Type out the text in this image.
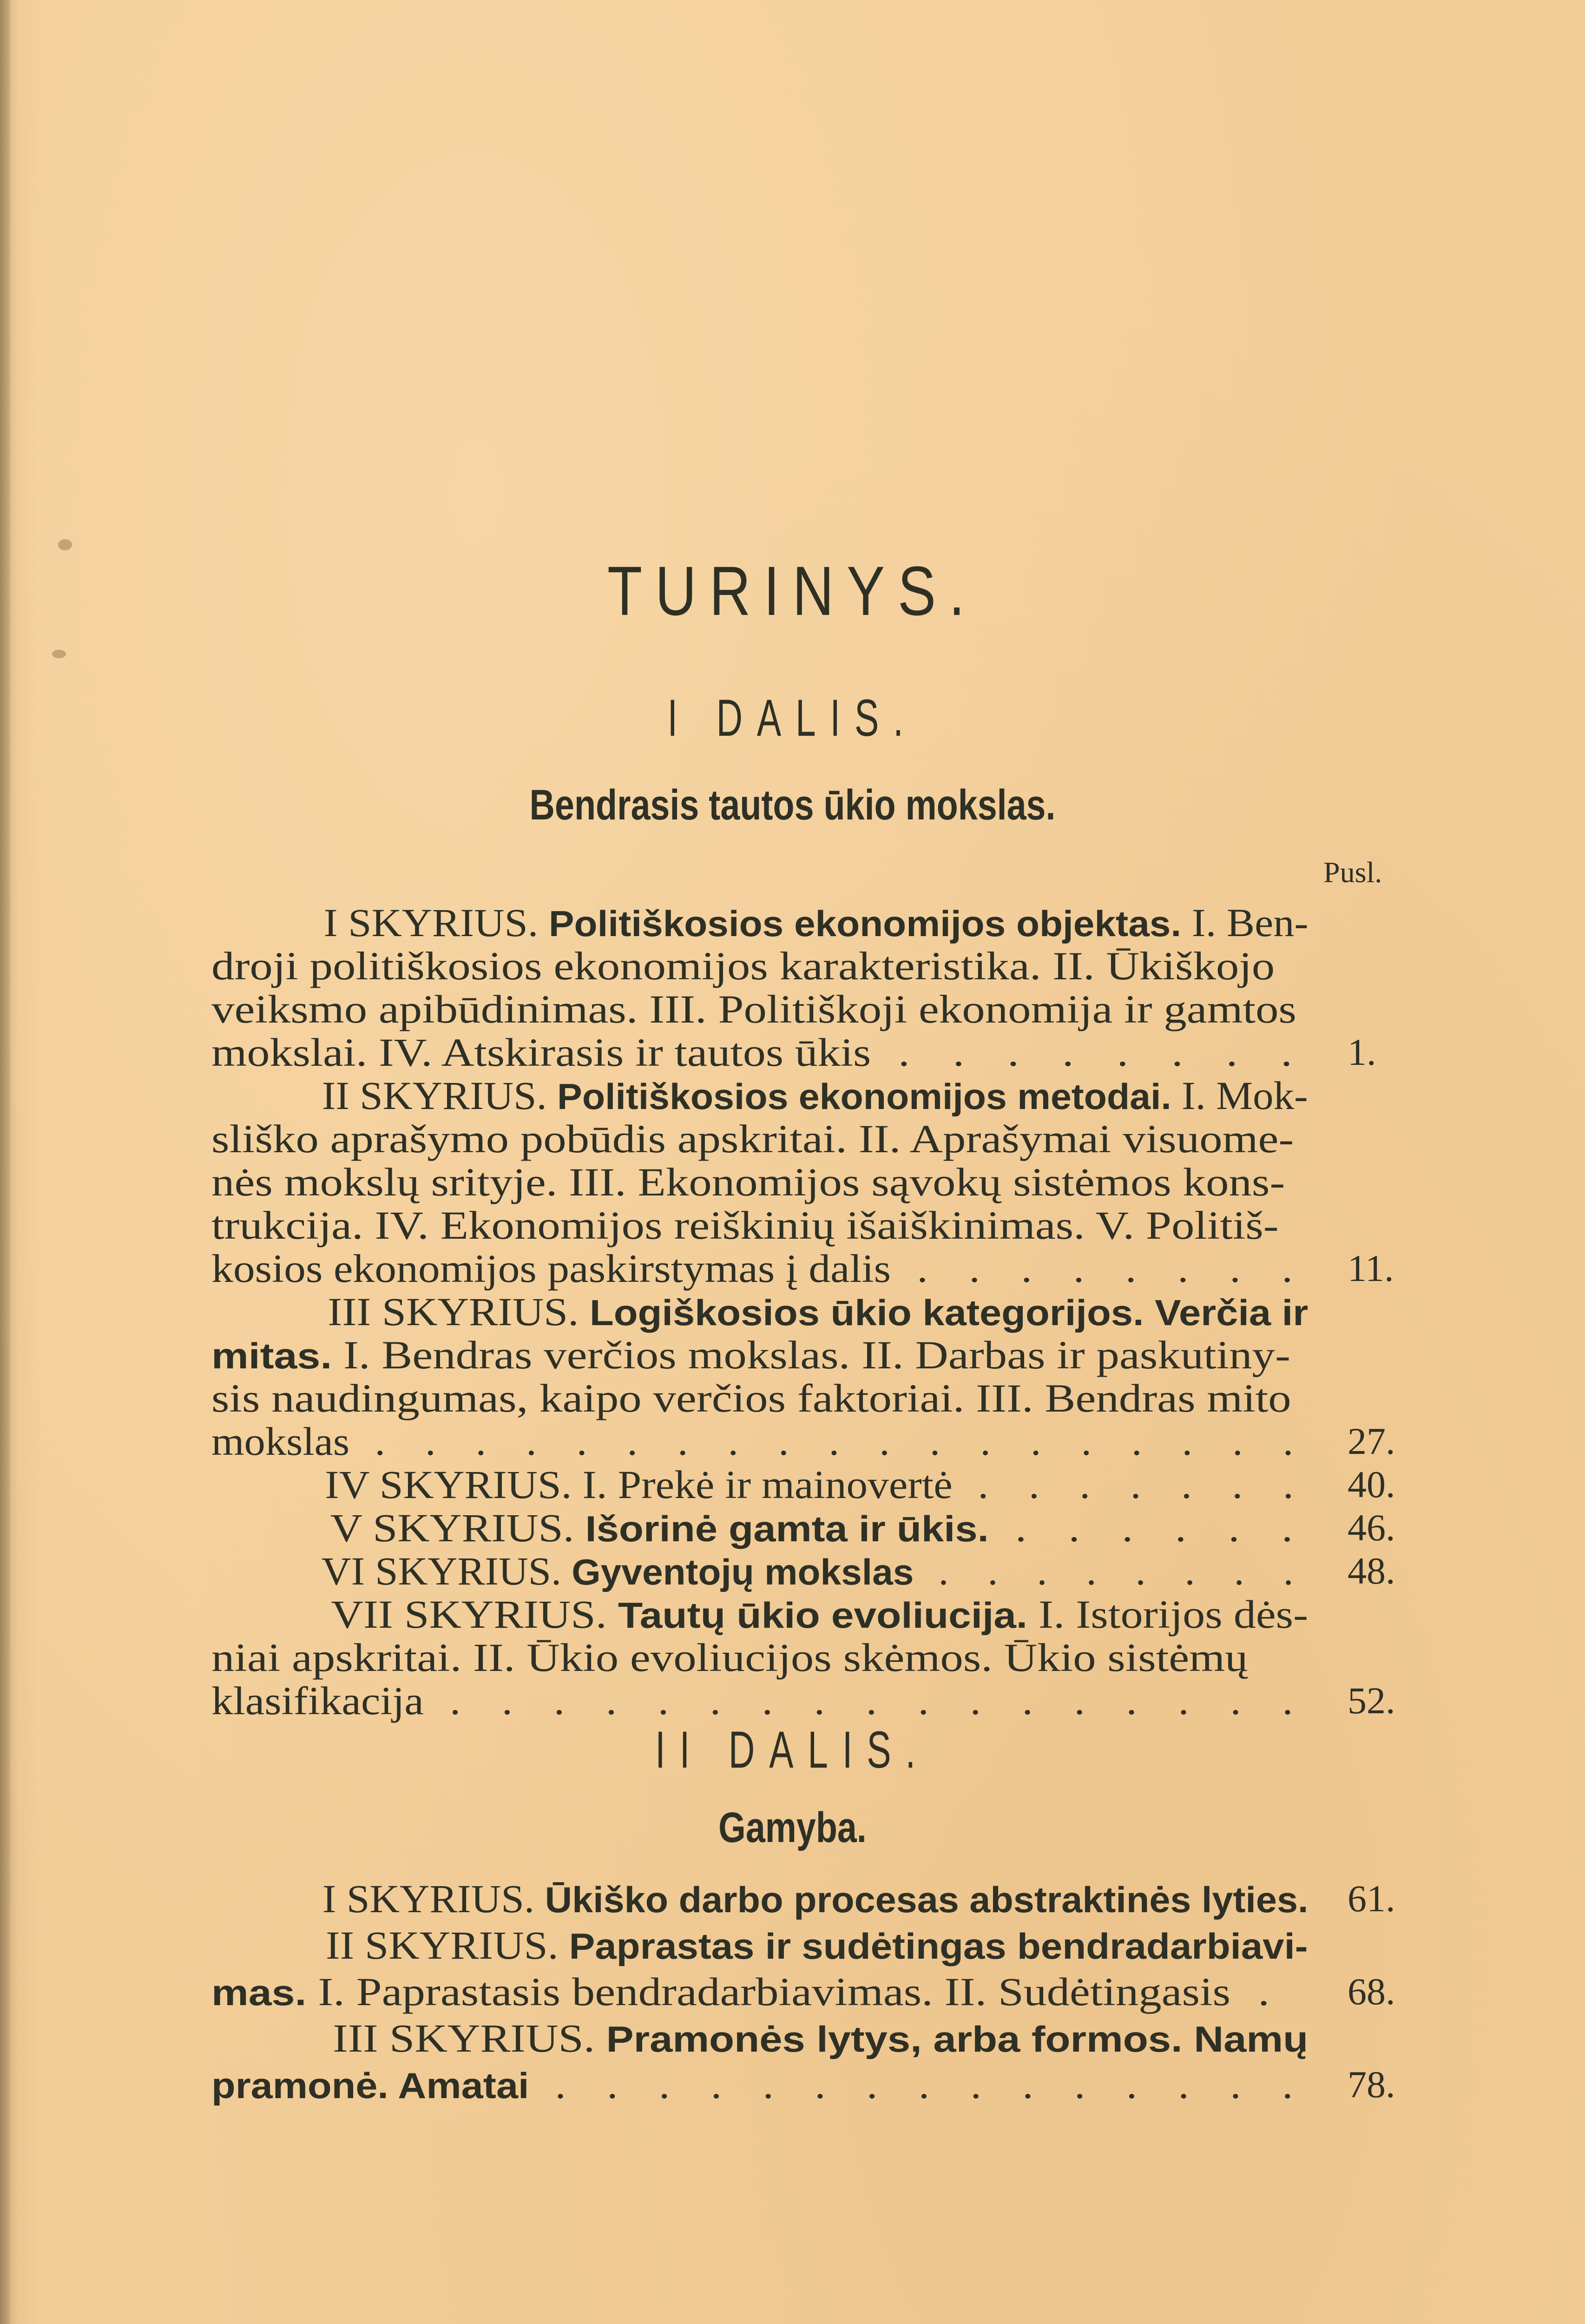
TURINYS.
I DALIS.
Bendrasis tautos ūkio mokslas.
Pusl.
I SKYRIUS. Politiškosios ekonomijos objektas. I. Ben-
droji politiškosios ekonomijos karakteristika. II. Ūkiškojo
veiksmo apibūdinimas. III. Politiškoji ekonomija ir gamtos
mokslai. IV. Atskirasis ir tautos ūkis . . . . . . . . 1.
II SKYRIUS. Politiškosios ekonomijos metodai. I. Mok-
sliško aprašymo pobūdis apskritai. II. Aprašymai visuome-
nės mokslų srityje. III. Ekonomijos sąvokų sistėmos kons-
trukcija. IV. Ekonomijos reiškinių išaiškinimas. V. Politiš-
kosios ekonomijos paskirstymas į dalis . . . . . . . . 11.
III SKYRIUS. Logiškosios ūkio kategorijos. Verčia ir
mitas. I. Bendras verčios mokslas. II. Darbas ir paskutiny-
sis naudingumas, kaipo verčios faktoriai. III. Bendras mito
mokslas . . . . . . . . . . . . . . . . . . . 27.
IV SKYRIUS. I. Prekė ir mainovertė . . . . . . . 40.
V SKYRIUS. Išorinė gamta ir ūkis. . . . . . . 46.
VI SKYRIUS. Gyventojų mokslas . . . . . . . . 48.
VII SKYRIUS. Tautų ūkio evoliucija. I. Istorijos dės-
niai apskritai. II. Ūkio evoliucijos skėmos. Ūkio sistėmų
klasifikacija . . . . . . . . . . . . . . . . . 52.
II DALIS.
Gamyba.
I SKYRIUS. Ūkiško darbo procesas abstraktinės lyties. 61.
II SKYRIUS. Paprastas ir sudėtingas bendradarbiavi-
mas. I. Paprastasis bendradarbiavimas. II. Sudėtingasis .	68.
III SKYRIUS. Pramonės lytys, arba formos. Namų
pramonė. Amatai . . . . . . . . . . . . . . . 78.
